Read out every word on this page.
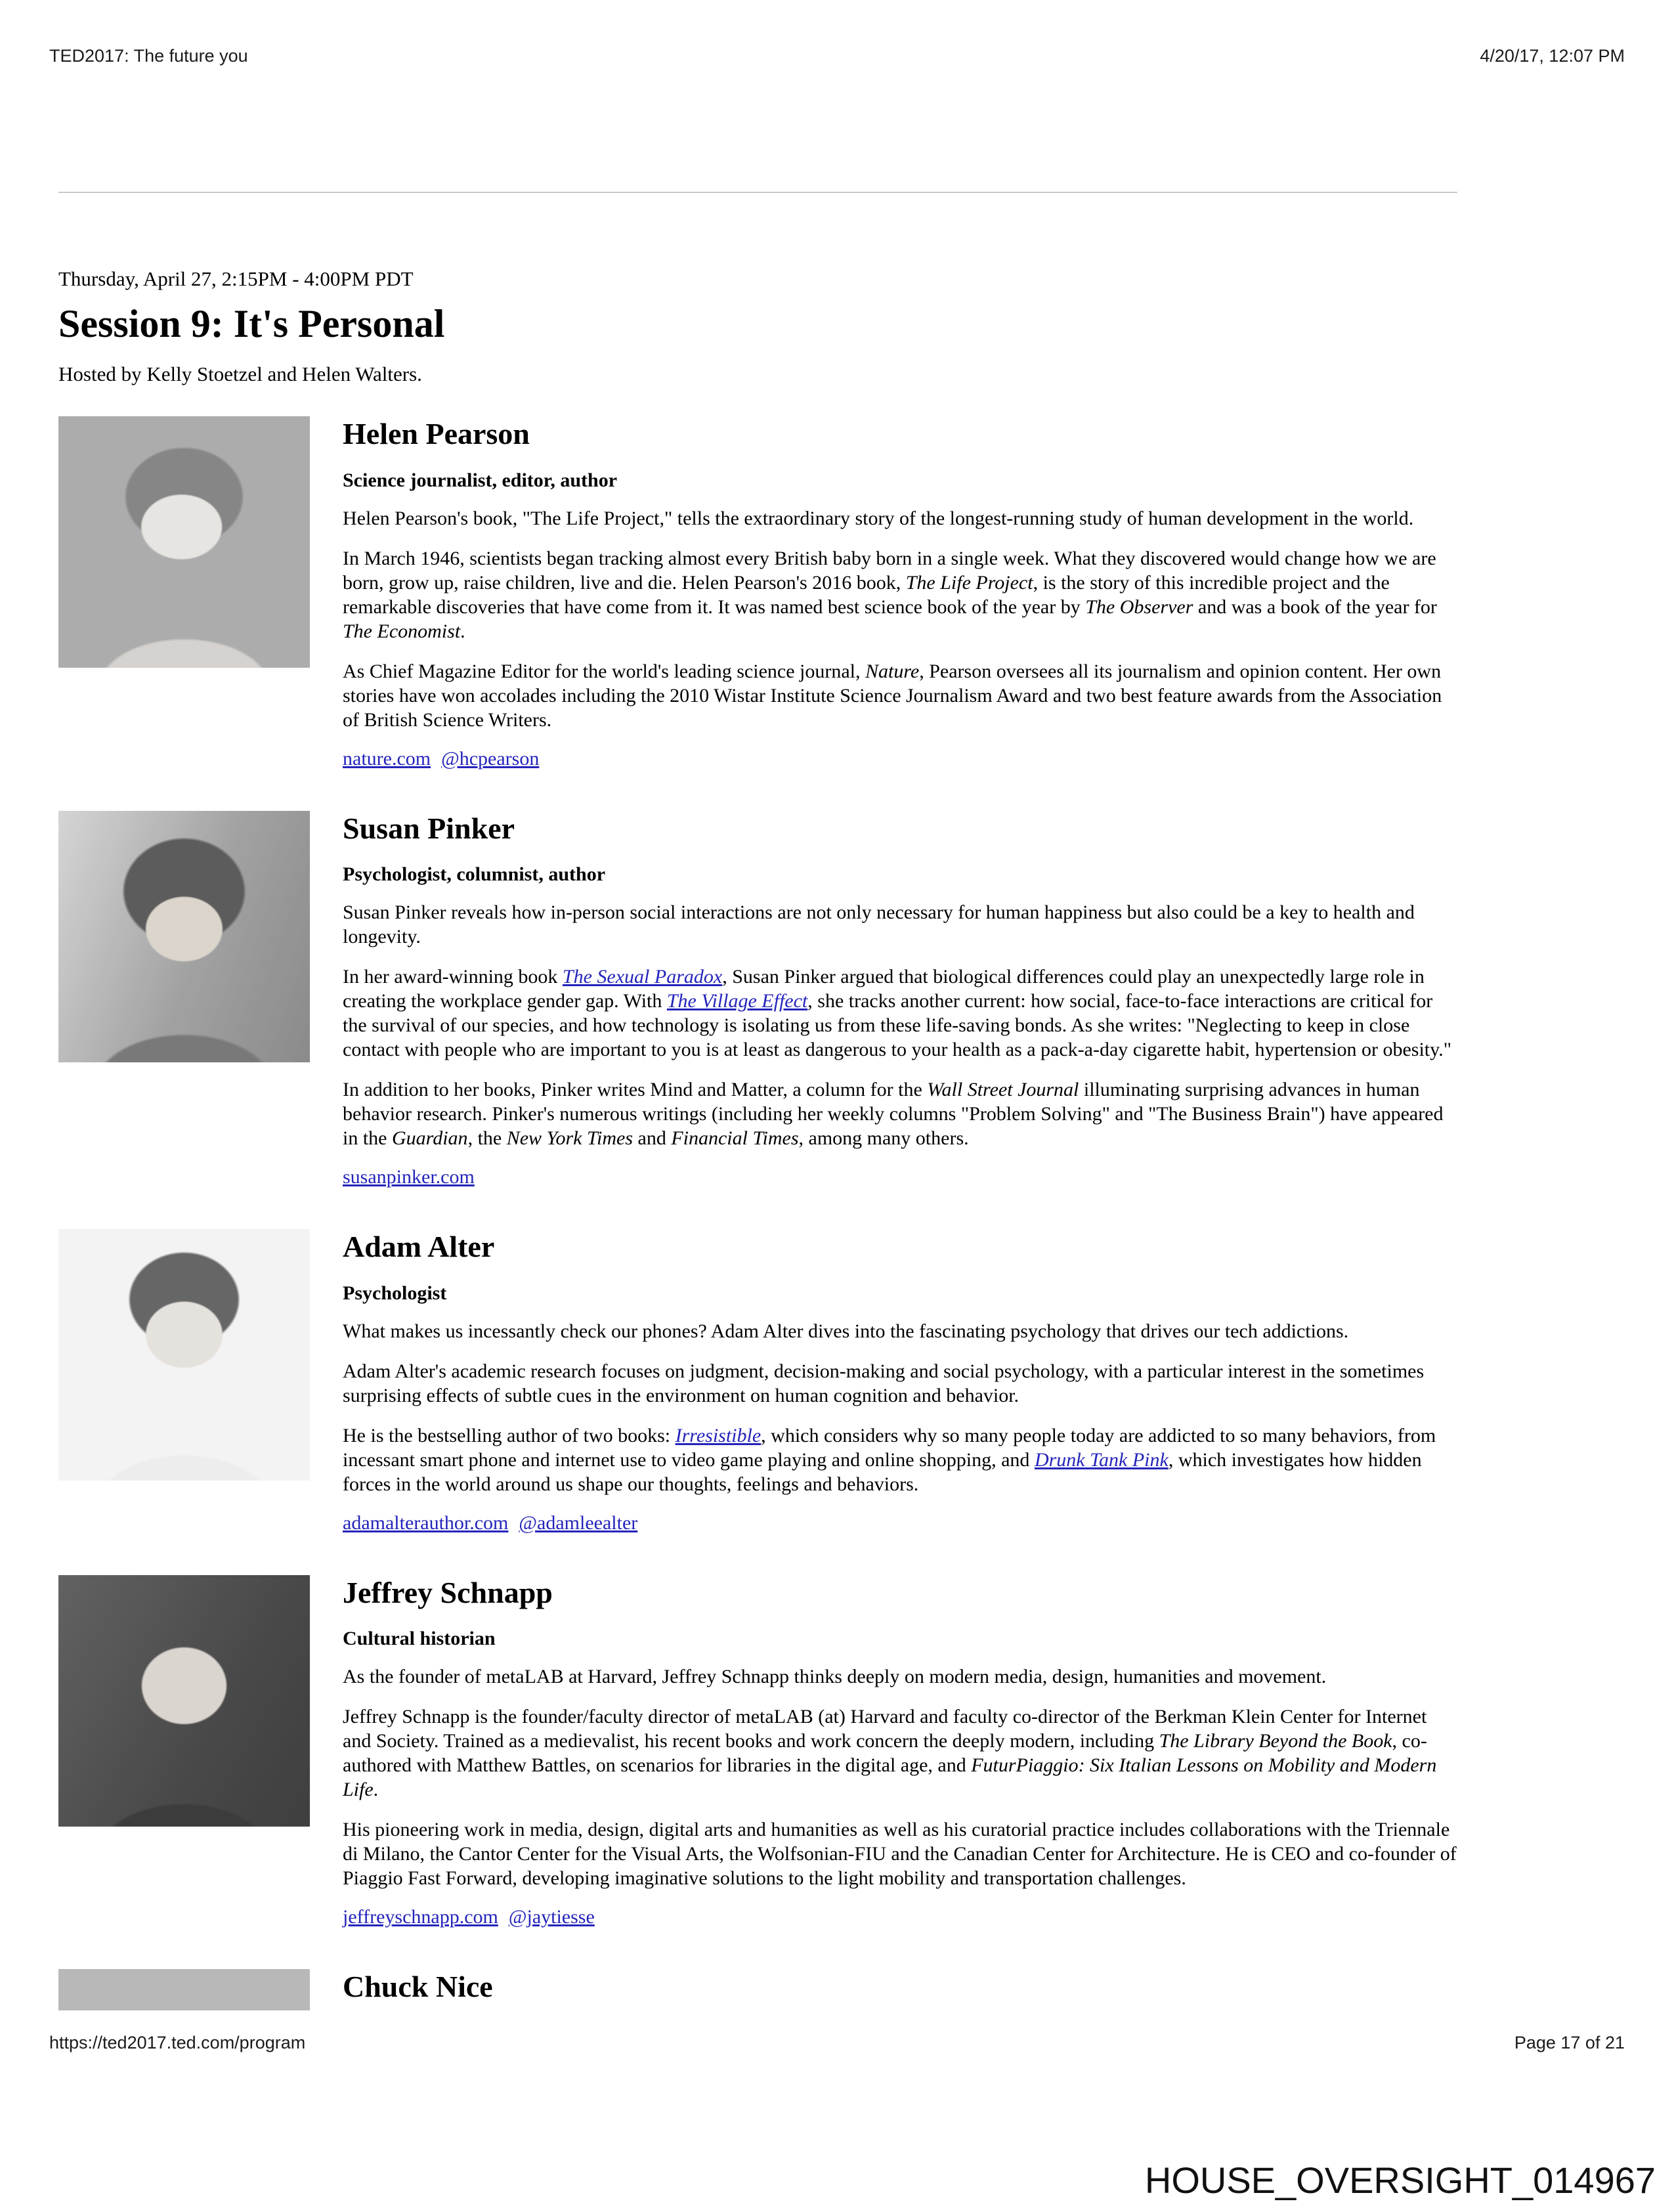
TED2017: The future you	4/20/17, 12:07 PM

Thursday, April 27, 2:15PM - 4:00PM PDT

Session 9: It's Personal

Hosted by Kelly Stoetzel and Helen Walters.

Helen Pearson
Science journalist, editor, author

Helen Pearson's book, "The Life Project," tells the extraordinary story of the longest-running study of human development in the world.

In March 1946, scientists began tracking almost every British baby born in a single week. What they discovered would change how we are born, grow up, raise children, live and die. Helen Pearson's 2016 book, The Life Project, is the story of this incredible project and the remarkable discoveries that have come from it. It was named best science book of the year by The Observer and was a book of the year for The Economist.

As Chief Magazine Editor for the world's leading science journal, Nature, Pearson oversees all its journalism and opinion content. Her own stories have won accolades including the 2010 Wistar Institute Science Journalism Award and two best feature awards from the Association of British Science Writers.

nature.com @hcpearson
Susan Pinker
Psychologist, columnist, author

Susan Pinker reveals how in-person social interactions are not only necessary for human happiness but also could be a key to health and longevity.

In her award-winning book The Sexual Paradox, Susan Pinker argued that biological differences could play an unexpectedly large role in creating the workplace gender gap. With The Village Effect, she tracks another current: how social, face-to-face interactions are critical for the survival of our species, and how technology is isolating us from these life-saving bonds. As she writes: "Neglecting to keep in close contact with people who are important to you is at least as dangerous to your health as a pack-a-day cigarette habit, hypertension or obesity."

In addition to her books, Pinker writes Mind and Matter, a column for the Wall Street Journal illuminating surprising advances in human behavior research. Pinker's numerous writings (including her weekly columns "Problem Solving" and "The Business Brain") have appeared in the Guardian, the New York Times and Financial Times, among many others.

susanpinker.com
Adam Alter
Psychologist

What makes us incessantly check our phones? Adam Alter dives into the fascinating psychology that drives our tech addictions.

Adam Alter's academic research focuses on judgment, decision-making and social psychology, with a particular interest in the sometimes surprising effects of subtle cues in the environment on human cognition and behavior.

He is the bestselling author of two books: Irresistible, which considers why so many people today are addicted to so many behaviors, from incessant smart phone and internet use to video game playing and online shopping, and Drunk Tank Pink, which investigates how hidden forces in the world around us shape our thoughts, feelings and behaviors.

adamalterauthor.com @adamleealter
Jeffrey Schnapp
Cultural historian

As the founder of metaLAB at Harvard, Jeffrey Schnapp thinks deeply on modern media, design, humanities and movement.

Jeffrey Schnapp is the founder/faculty director of metaLAB (at) Harvard and faculty co-director of the Berkman Klein Center for Internet and Society. Trained as a medievalist, his recent books and work concern the deeply modern, including The Library Beyond the Book, co-authored with Matthew Battles, on scenarios for libraries in the digital age, and FuturPiaggio: Six Italian Lessons on Mobility and Modern Life.

His pioneering work in media, design, digital arts and humanities as well as his curatorial practice includes collaborations with the Triennale di Milano, the Cantor Center for the Visual Arts, the Wolfsonian-FIU and the Canadian Center for Architecture. He is CEO and co-founder of Piaggio Fast Forward, developing imaginative solutions to the light mobility and transportation challenges.

jeffreyschnapp.com @jaytiesse
Chuck Nice
https://ted2017.ted.com/program	Page 17 of 21
HOUSE_OVERSIGHT_014967
